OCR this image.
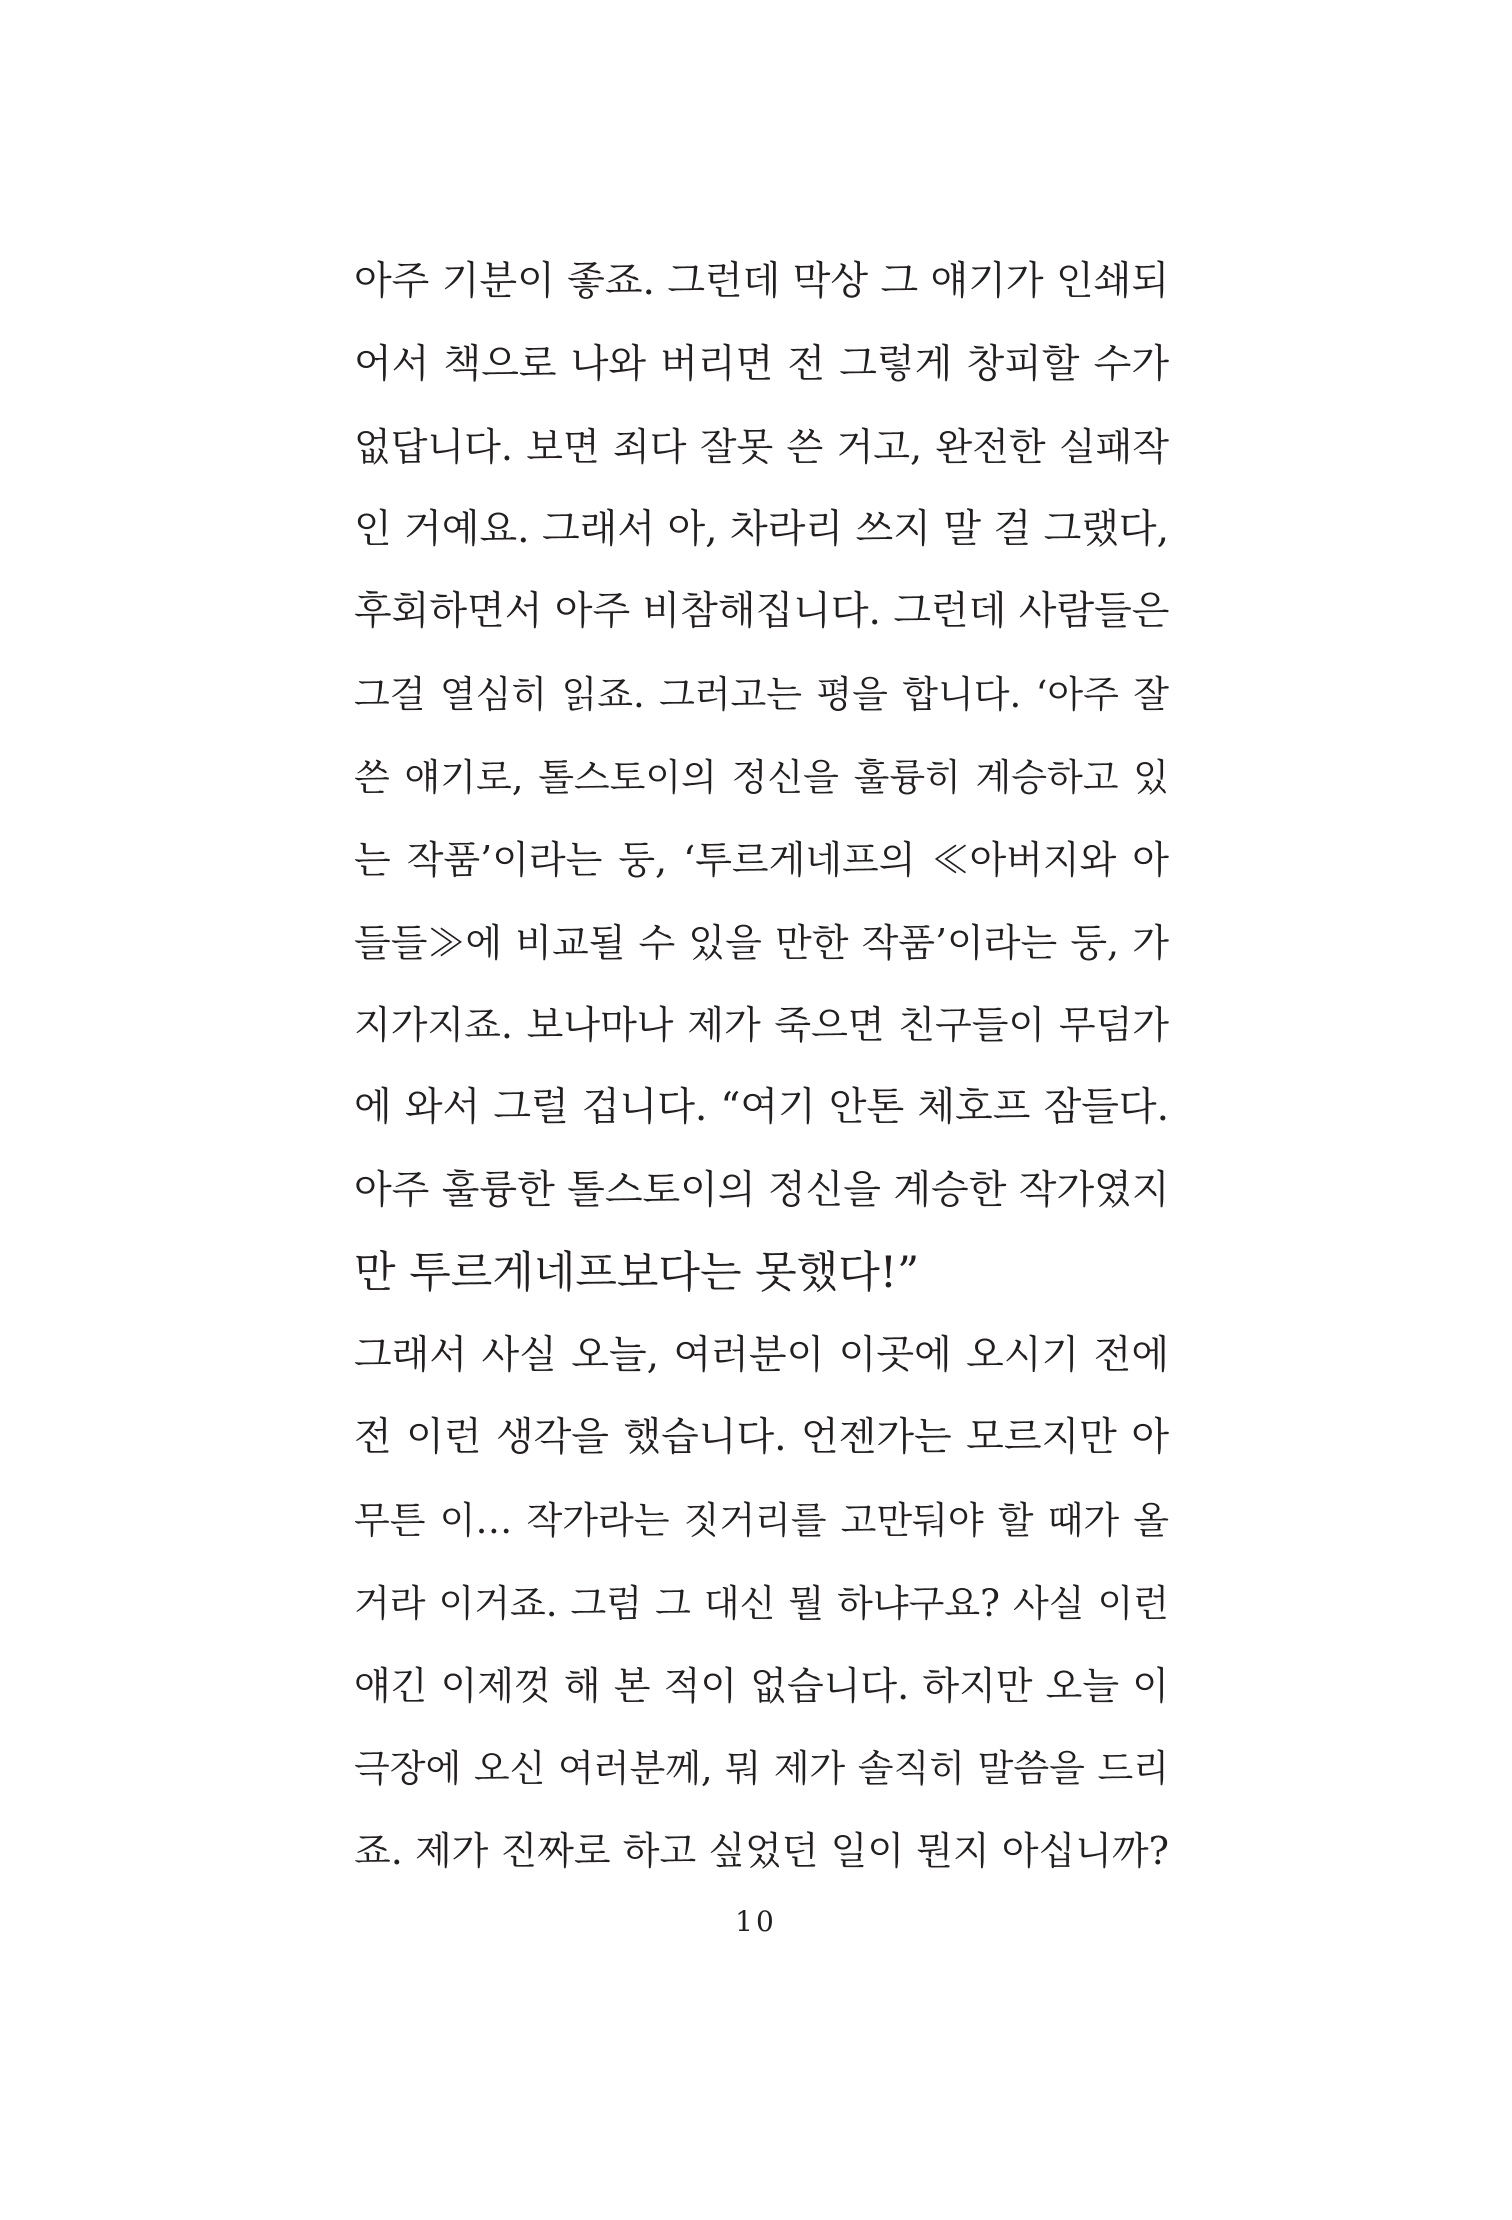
아주 기분이 좋죠. 그런데 막상 그 얘기가 인쇄되
어서 책으로 나와 버리면 전 그렇게 창피할 수가
없답니다. 보면 죄다 잘못 쓴 거고, 완전한 실패작
인 거예요. 그래서 아, 차라리 쓰지 말 걸 그랬다,
후회하면서 아주 비참해집니다. 그런데 사람들은
그걸 열심히 읽죠. 그러고는 평을 합니다. ‘아주 잘
쓴 얘기로, 톨스토이의 정신을 훌륭히 계승하고 있
는 작품’이라는 둥, ‘투르게네프의 ≪아버지와 아
들들≫에 비교될 수 있을 만한 작품’이라는 둥, 가
지가지죠. 보나마나 제가 죽으면 친구들이 무덤가
에 와서 그럴 겁니다. “여기 안톤 체호프 잠들다.
아주 훌륭한 톨스토이의 정신을 계승한 작가였지
만 투르게네프보다는 못했다!”
그래서 사실 오늘, 여러분이 이곳에 오시기 전에
전 이런 생각을 했습니다. 언젠가는 모르지만 아
무튼 이… 작가라는 짓거리를 고만둬야 할 때가 올
거라 이거죠. 그럼 그 대신 뭘 하냐구요? 사실 이런
얘긴 이제껏 해 본 적이 없습니다. 하지만 오늘 이
극장에 오신 여러분께, 뭐 제가 솔직히 말씀을 드리
죠. 제가 진짜로 하고 싶었던 일이 뭔지 아십니까?
10
